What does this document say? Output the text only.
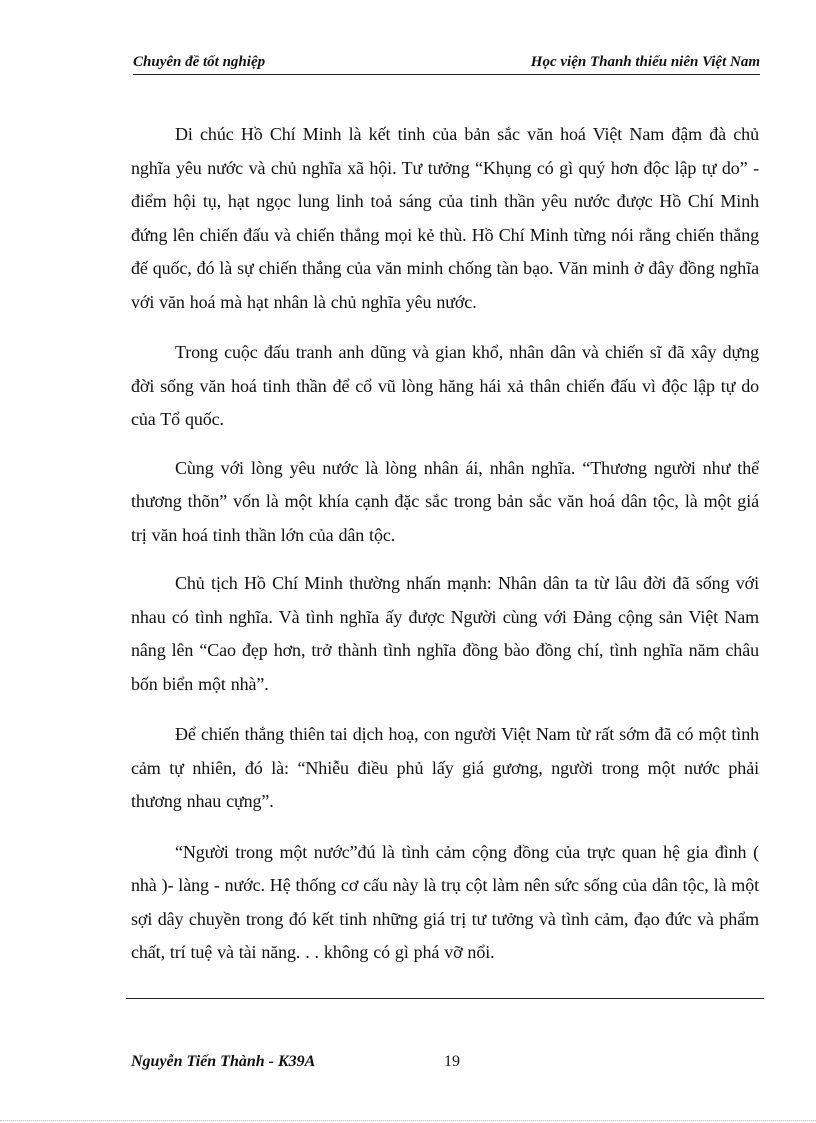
Chuyên đề tốt nghiệp	Học viện Thanh thiếu niên Việt Nam

Di chúc Hồ Chí Minh là kết tinh của bản sắc văn hoá Việt Nam đậm đà chủ nghĩa yêu nước và chủ nghĩa xã hội. Tư tưởng “Khụng có gì quý hơn độc lập tự do” - điểm hội tụ, hạt ngọc lung linh toả sáng của tinh thần yêu nước được Hồ Chí Minh đứng lên chiến đấu và chiến thắng mọi kẻ thù. Hồ Chí Minh từng nói rằng chiến thắng đế quốc, đó là sự chiến thắng của văn minh chống tàn bạo. Văn minh ở đây đồng nghĩa với văn hoá mà hạt nhân là chủ nghĩa yêu nước.

Trong cuộc đấu tranh anh dũng và gian khổ, nhân dân và chiến sĩ đã xây dựng đời sống văn hoá tinh thần để cổ vũ lòng hăng hái xả thân chiến đấu vì độc lập tự do của Tổ quốc.

Cùng với lòng yêu nước là lòng nhân ái, nhân nghĩa. “Thương người như thể thương thõn” vốn là một khía cạnh đặc sắc trong bản sắc văn hoá dân tộc, là một giá trị văn hoá tinh thần lớn của dân tộc.

Chủ tịch Hồ Chí Minh thường nhấn mạnh: Nhân dân ta từ lâu đời đã sống với nhau có tình nghĩa. Và tình nghĩa ấy được Người cùng với Đảng cộng sản Việt Nam nâng lên “Cao đẹp hơn, trở thành tình nghĩa đồng bào đồng chí, tình nghĩa năm châu bốn biển một nhà”.

Để chiến thắng thiên tai dịch hoạ, con người Việt Nam từ rất sớm đã có một tình cảm tự nhiên, đó là: “Nhiễu điều phủ lấy giá gương, người trong một nước phải thương nhau cựng”.

“Người trong một nước”đú là tình cảm cộng đồng của trực quan hệ gia đình ( nhà )- làng - nước. Hệ thống cơ cấu này là trụ cột làm nên sức sống của dân tộc, là một sợi dây chuyền trong đó kết tinh những giá trị tư tưởng và tình cảm, đạo đức và phẩm chất, trí tuệ và tài năng. . . không có gì phá vỡ nổi.

Nguyễn Tiến Thành - K39A	19
